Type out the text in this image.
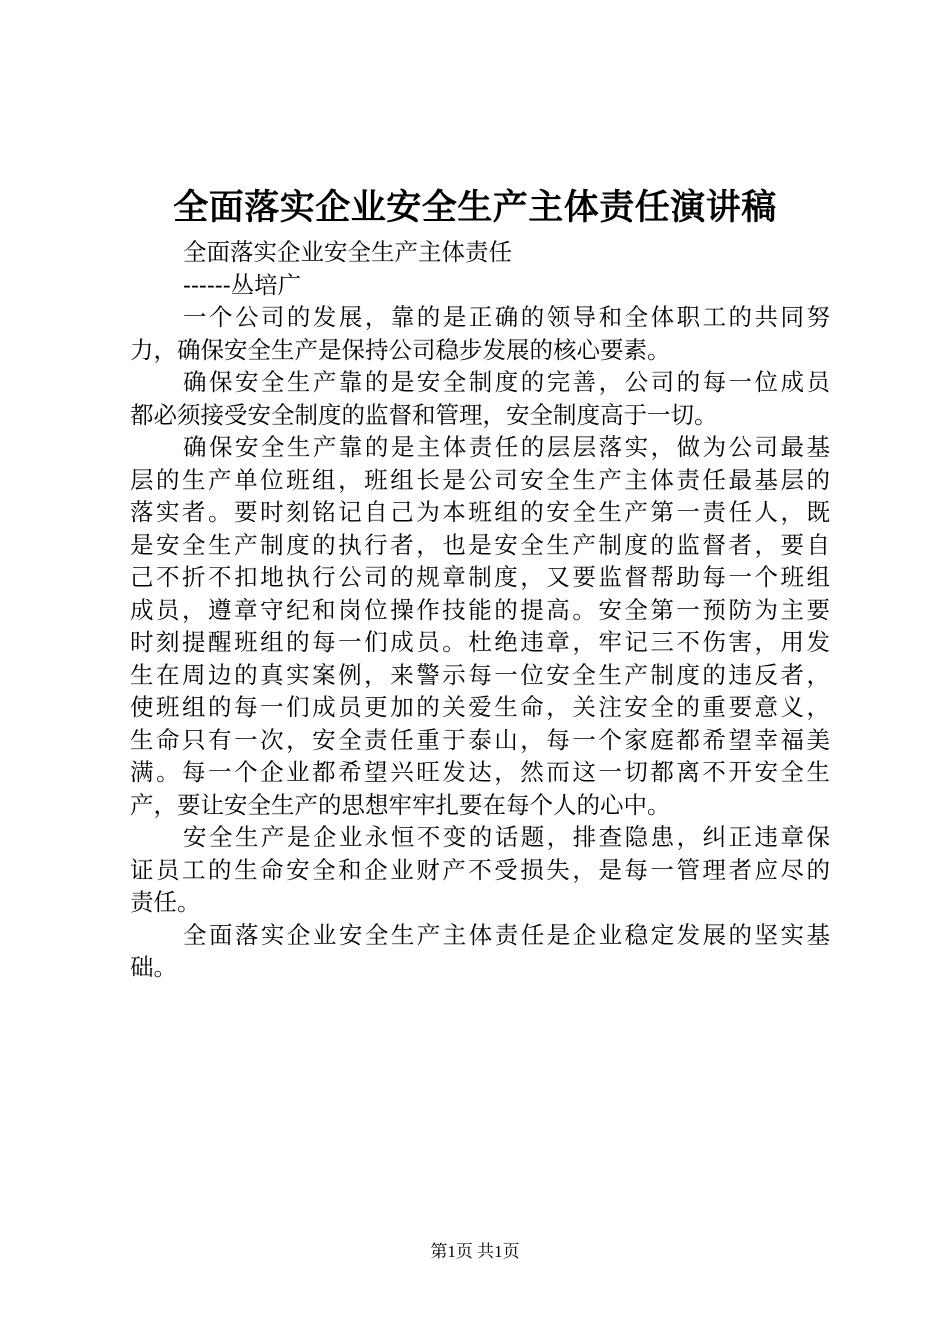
全面落实企业安全生产主体责任演讲稿
全面落实企业安全生产主体责任
------丛培广
一个公司的发展，靠的是正确的领导和全体职工的共同努
力，确保安全生产是保持公司稳步发展的核心要素。
确保安全生产靠的是安全制度的完善，公司的每一位成员
都必须接受安全制度的监督和管理，安全制度高于一切。
确保安全生产靠的是主体责任的层层落实，做为公司最基
层的生产单位班组，班组长是公司安全生产主体责任最基层的
落实者。要时刻铭记自己为本班组的安全生产第一责任人，既
是安全生产制度的执行者，也是安全生产制度的监督者，要自
己不折不扣地执行公司的规章制度，又要监督帮助每一个班组
成员，遵章守纪和岗位操作技能的提高。安全第一预防为主要
时刻提醒班组的每一们成员。杜绝违章，牢记三不伤害，用发
生在周边的真实案例，来警示每一位安全生产制度的违反者，
使班组的每一们成员更加的关爱生命，关注安全的重要意义，
生命只有一次，安全责任重于泰山，每一个家庭都希望幸福美
满。每一个企业都希望兴旺发达，然而这一切都离不开安全生
产，要让安全生产的思想牢牢扎要在每个人的心中。
安全生产是企业永恒不变的话题，排查隐患，纠正违章保
证员工的生命安全和企业财产不受损失，是每一管理者应尽的
责任。
全面落实企业安全生产主体责任是企业稳定发展的坚实基
础。
第1页 共1页
